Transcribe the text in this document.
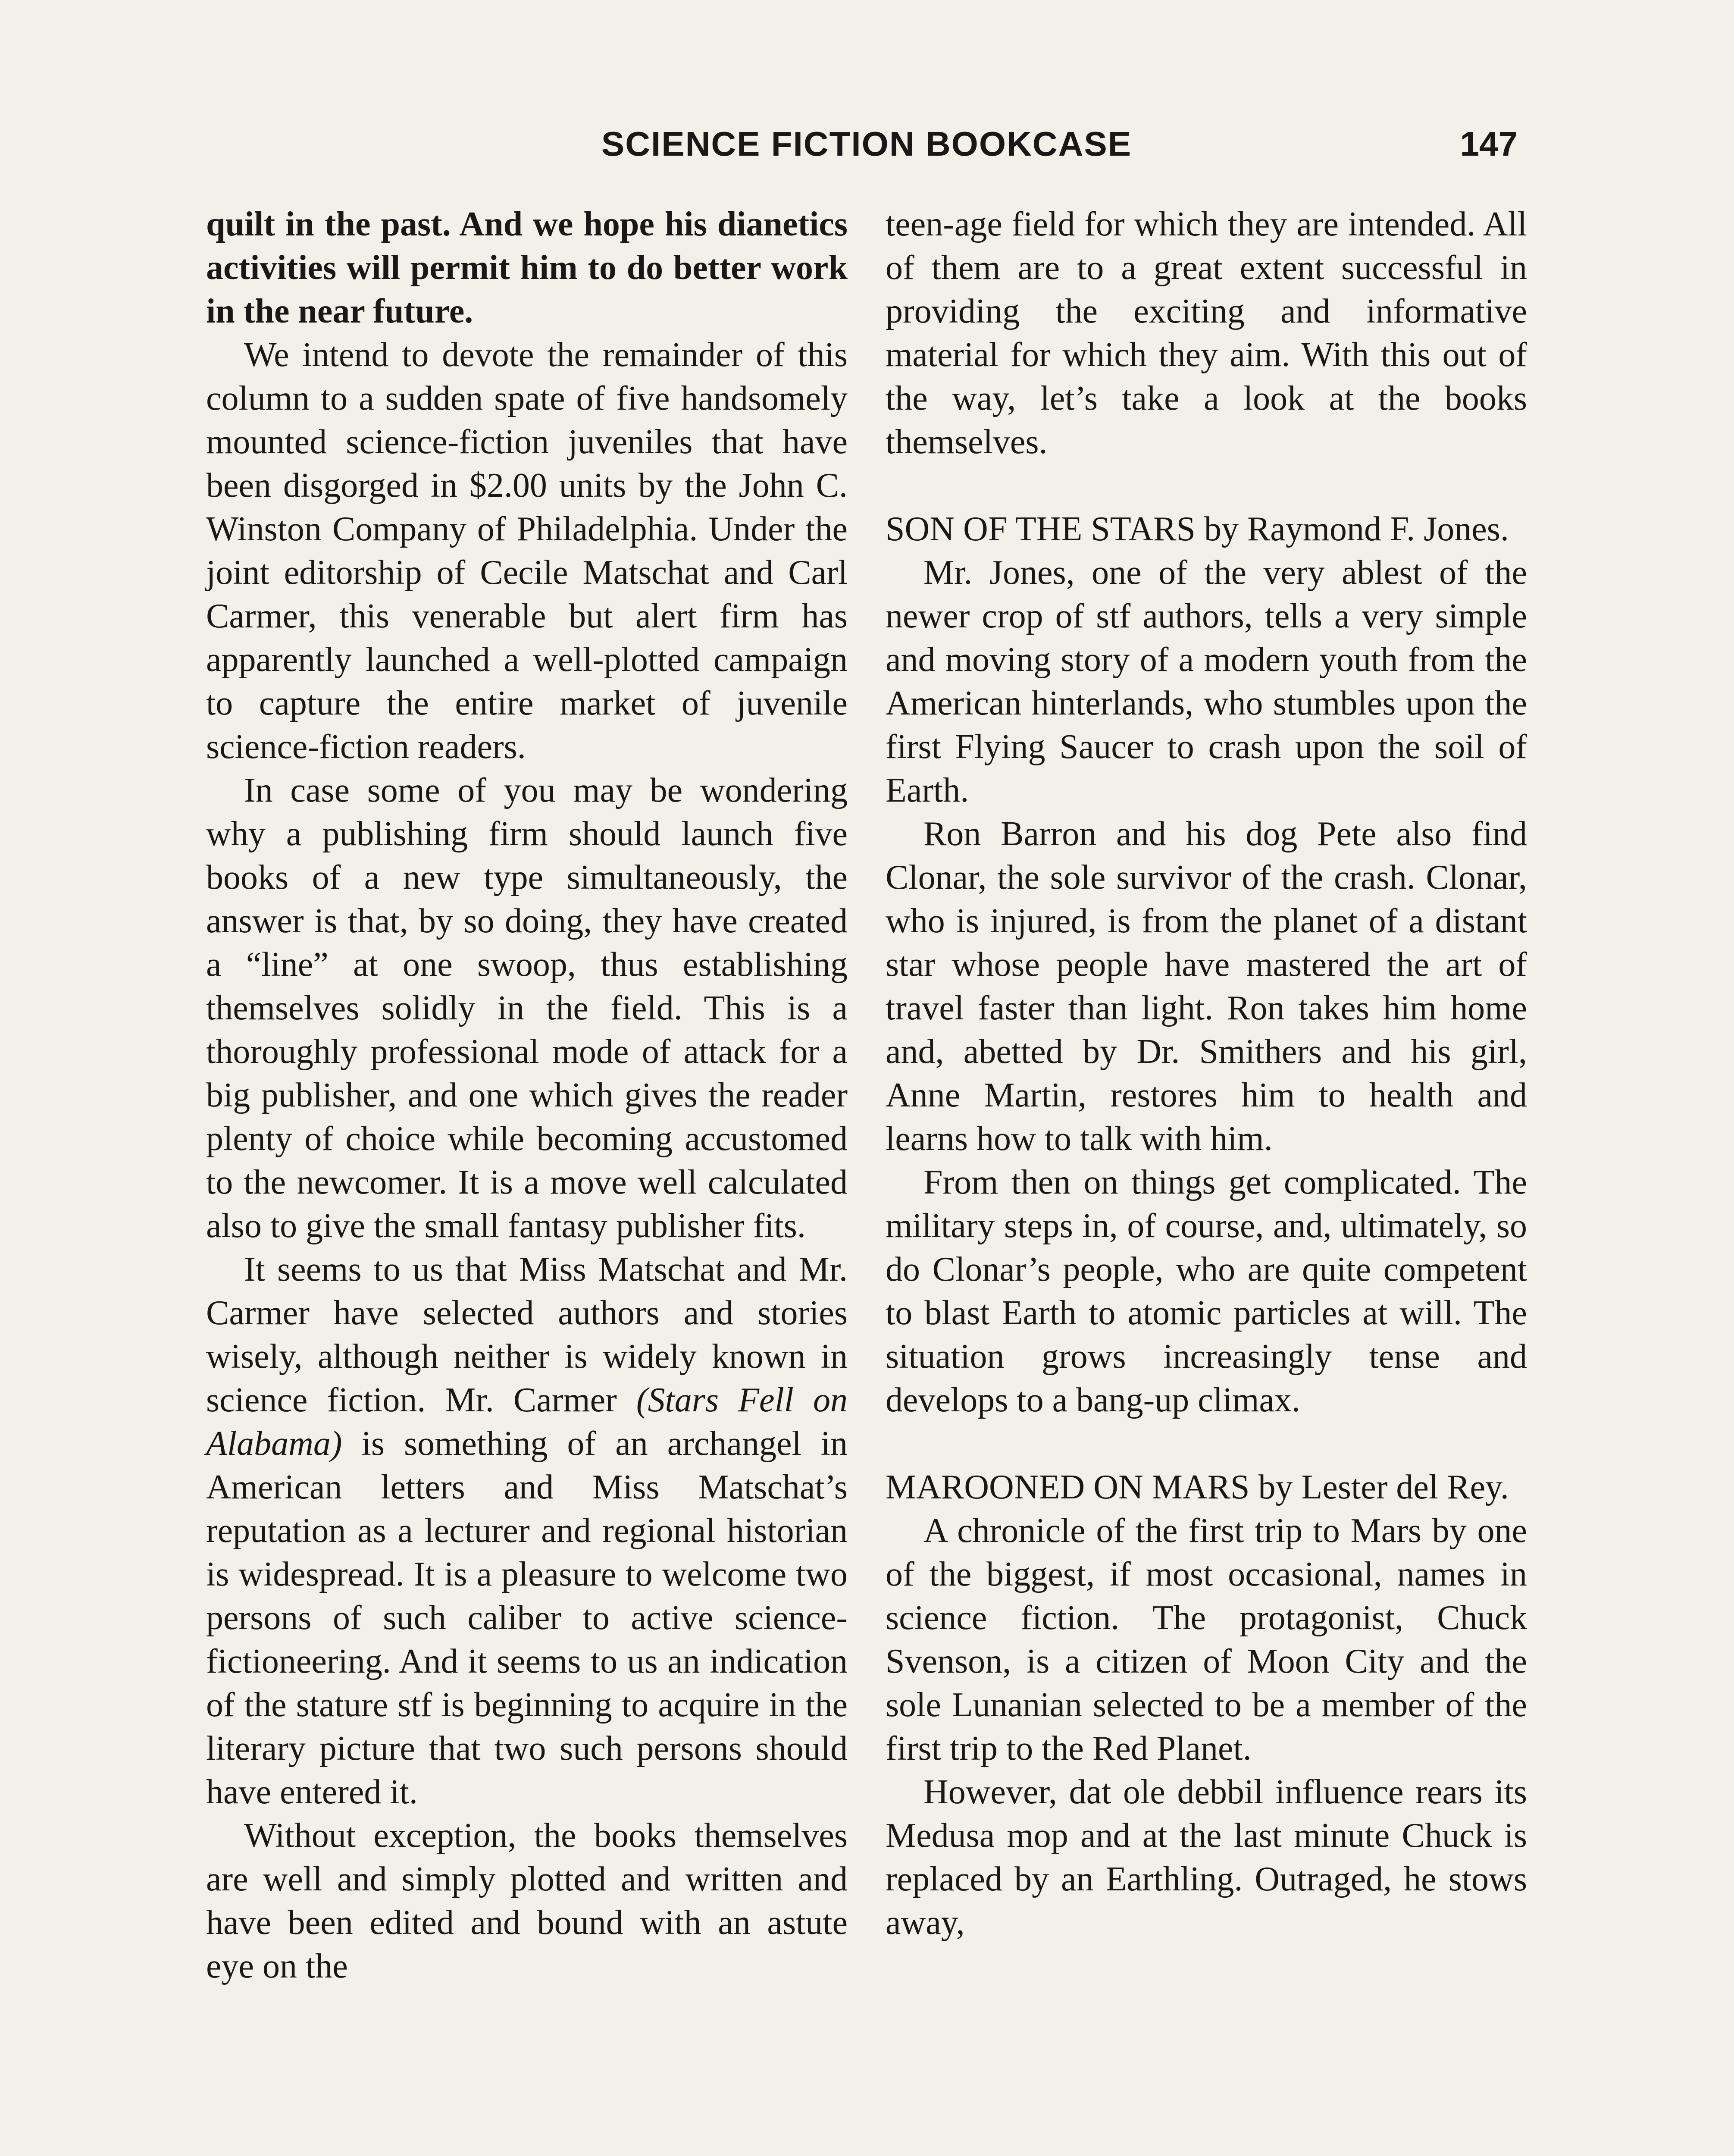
SCIENCE FICTION BOOKCASE	147

quilt in the past. And we hope his dianetics activities will permit him to do better work in the near future.

We intend to devote the remainder of this column to a sudden spate of five handsomely mounted science-fiction juveniles that have been disgorged in $2.00 units by the John C. Winston Company of Philadelphia. Under the joint editorship of Cecile Matschat and Carl Carmer, this venerable but alert firm has apparently launched a well-plotted campaign to capture the entire market of juvenile science-fiction readers.

In case some of you may be wondering why a publishing firm should launch five books of a new type simultaneously, the answer is that, by so doing, they have created a “line” at one swoop, thus establishing themselves solidly in the field. This is a thoroughly professional mode of attack for a big publisher, and one which gives the reader plenty of choice while becoming accustomed to the newcomer. It is a move well calculated also to give the small fantasy publisher fits.

It seems to us that Miss Matschat and Mr. Carmer have selected authors and stories wisely, although neither is widely known in science fiction. Mr. Carmer (Stars Fell on Alabama) is something of an archangel in American letters and Miss Matschat’s reputation as a lecturer and regional historian is widespread. It is a pleasure to welcome two persons of such caliber to active science-fictioneering. And it seems to us an indication of the stature stf is beginning to acquire in the literary picture that two such persons should have entered it.

Without exception, the books themselves are well and simply plotted and written and have been edited and bound with an astute eye on the

teen-age field for which they are intended. All of them are to a great extent successful in providing the exciting and informative material for which they aim. With this out of the way, let’s take a look at the books themselves.

SON OF THE STARS by Raymond F. Jones.

Mr. Jones, one of the very ablest of the newer crop of stf authors, tells a very simple and moving story of a modern youth from the American hinterlands, who stumbles upon the first Flying Saucer to crash upon the soil of Earth.

Ron Barron and his dog Pete also find Clonar, the sole survivor of the crash. Clonar, who is injured, is from the planet of a distant star whose people have mastered the art of travel faster than light. Ron takes him home and, abetted by Dr. Smithers and his girl, Anne Martin, restores him to health and learns how to talk with him.

From then on things get complicated. The military steps in, of course, and, ultimately, so do Clonar’s people, who are quite competent to blast Earth to atomic particles at will. The situation grows increasingly tense and develops to a bang-up climax.

MAROONED ON MARS by Lester del Rey.

A chronicle of the first trip to Mars by one of the biggest, if most occasional, names in science fiction. The protagonist, Chuck Svenson, is a citizen of Moon City and the sole Lunanian selected to be a member of the first trip to the Red Planet.

However, dat ole debbil influence rears its Medusa mop and at the last minute Chuck is replaced by an Earthling. Outraged, he stows away,
